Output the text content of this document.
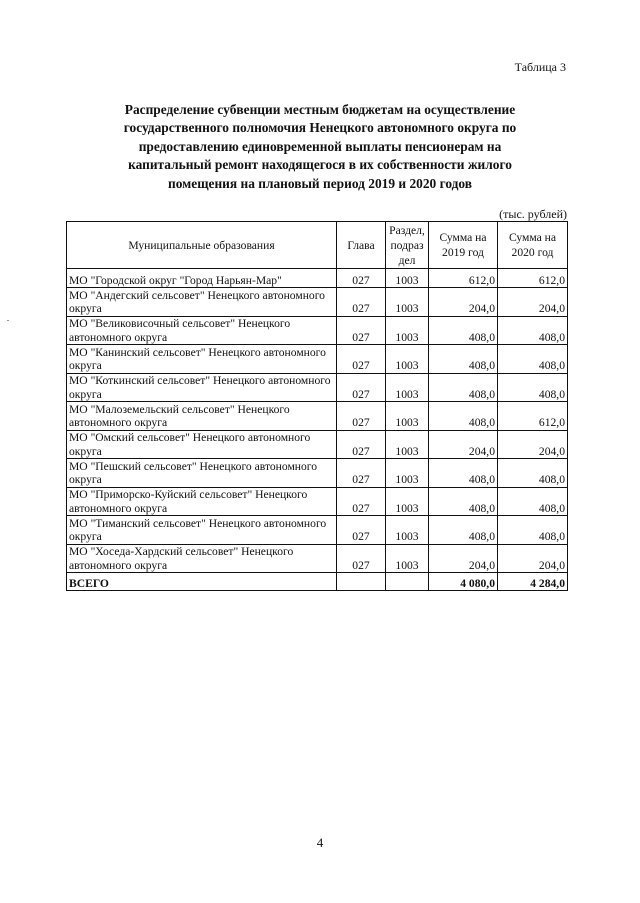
Таблица 3
Распределение субвенции местным бюджетам на осуществление государственного полномочия Ненецкого автономного округа по предоставлению единовременной выплаты пенсионерам на капитальный ремонт находящегося в их собственности жилого помещения на плановый период 2019 и 2020 годов
(тыс. рублей)
Муниципальные образования	Глава	Раздел, подраз дел	Сумма на 2019 год	Сумма на 2020 год
МО "Городской округ "Город Нарьян-Мар"	027	1003	612,0	612,0
МО "Андегский сельсовет" Ненецкого автономного округа	027	1003	204,0	204,0
МО "Великовисочный сельсовет" Ненецкого автономного округа	027	1003	408,0	408,0
МО "Канинский сельсовет" Ненецкого автономного округа	027	1003	408,0	408,0
МО "Коткинский сельсовет" Ненецкого автономного округа	027	1003	408,0	408,0
МО "Малоземельский сельсовет" Ненецкого автономного округа	027	1003	408,0	612,0
МО "Омский сельсовет" Ненецкого автономного округа	027	1003	204,0	204,0
МО "Пешский сельсовет" Ненецкого автономного округа	027	1003	408,0	408,0
МО "Приморско-Куйский сельсовет" Ненецкого автономного округа	027	1003	408,0	408,0
МО "Тиманский сельсовет" Ненецкого автономного округа	027	1003	408,0	408,0
МО "Хоседа-Хардский сельсовет" Ненецкого автономного округа	027	1003	204,0	204,0
ВСЕГО			4 080,0	4 284,0
4
